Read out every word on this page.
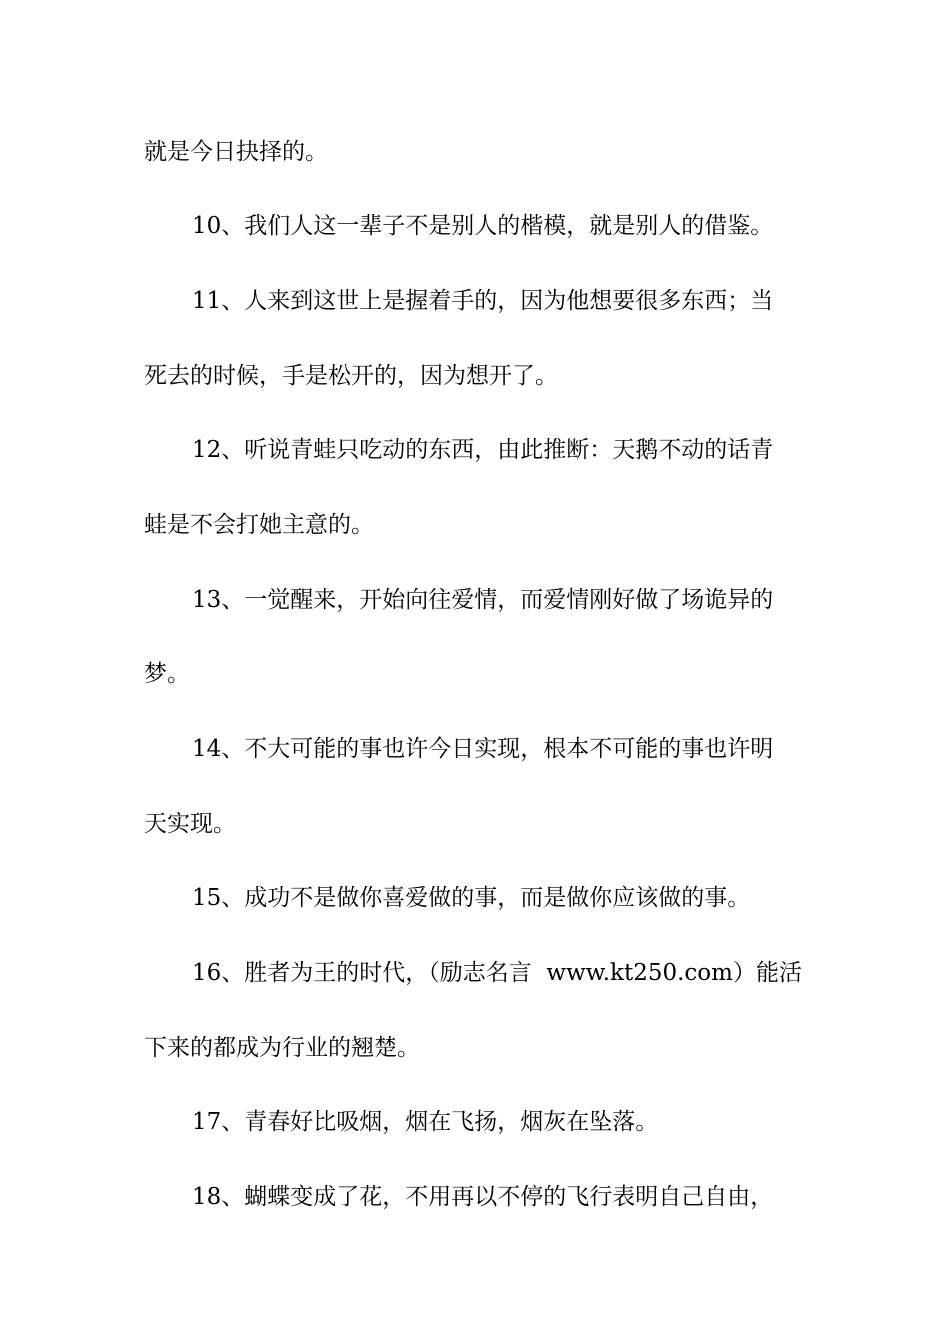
就是今日抉择的。
10、我们人这一辈子不是别人的楷模，就是别人的借鉴。
11、人来到这世上是握着手的，因为他想要很多东西；当
死去的时候，手是松开的，因为想开了。
12、听说青蛙只吃动的东西，由此推断：天鹅不动的话青
蛙是不会打她主意的。
13、一觉醒来，开始向往爱情，而爱情刚好做了场诡异的
梦。
14、不大可能的事也许今日实现，根本不可能的事也许明
天实现。
15、成功不是做你喜爱做的事，而是做你应该做的事。
16、胜者为王的时代，（励志名言  www.kt250.com）能活
下来的都成为行业的翘楚。
17、青春好比吸烟，烟在飞扬，烟灰在坠落。
18、蝴蝶变成了花，不用再以不停的飞行表明自己自由，
